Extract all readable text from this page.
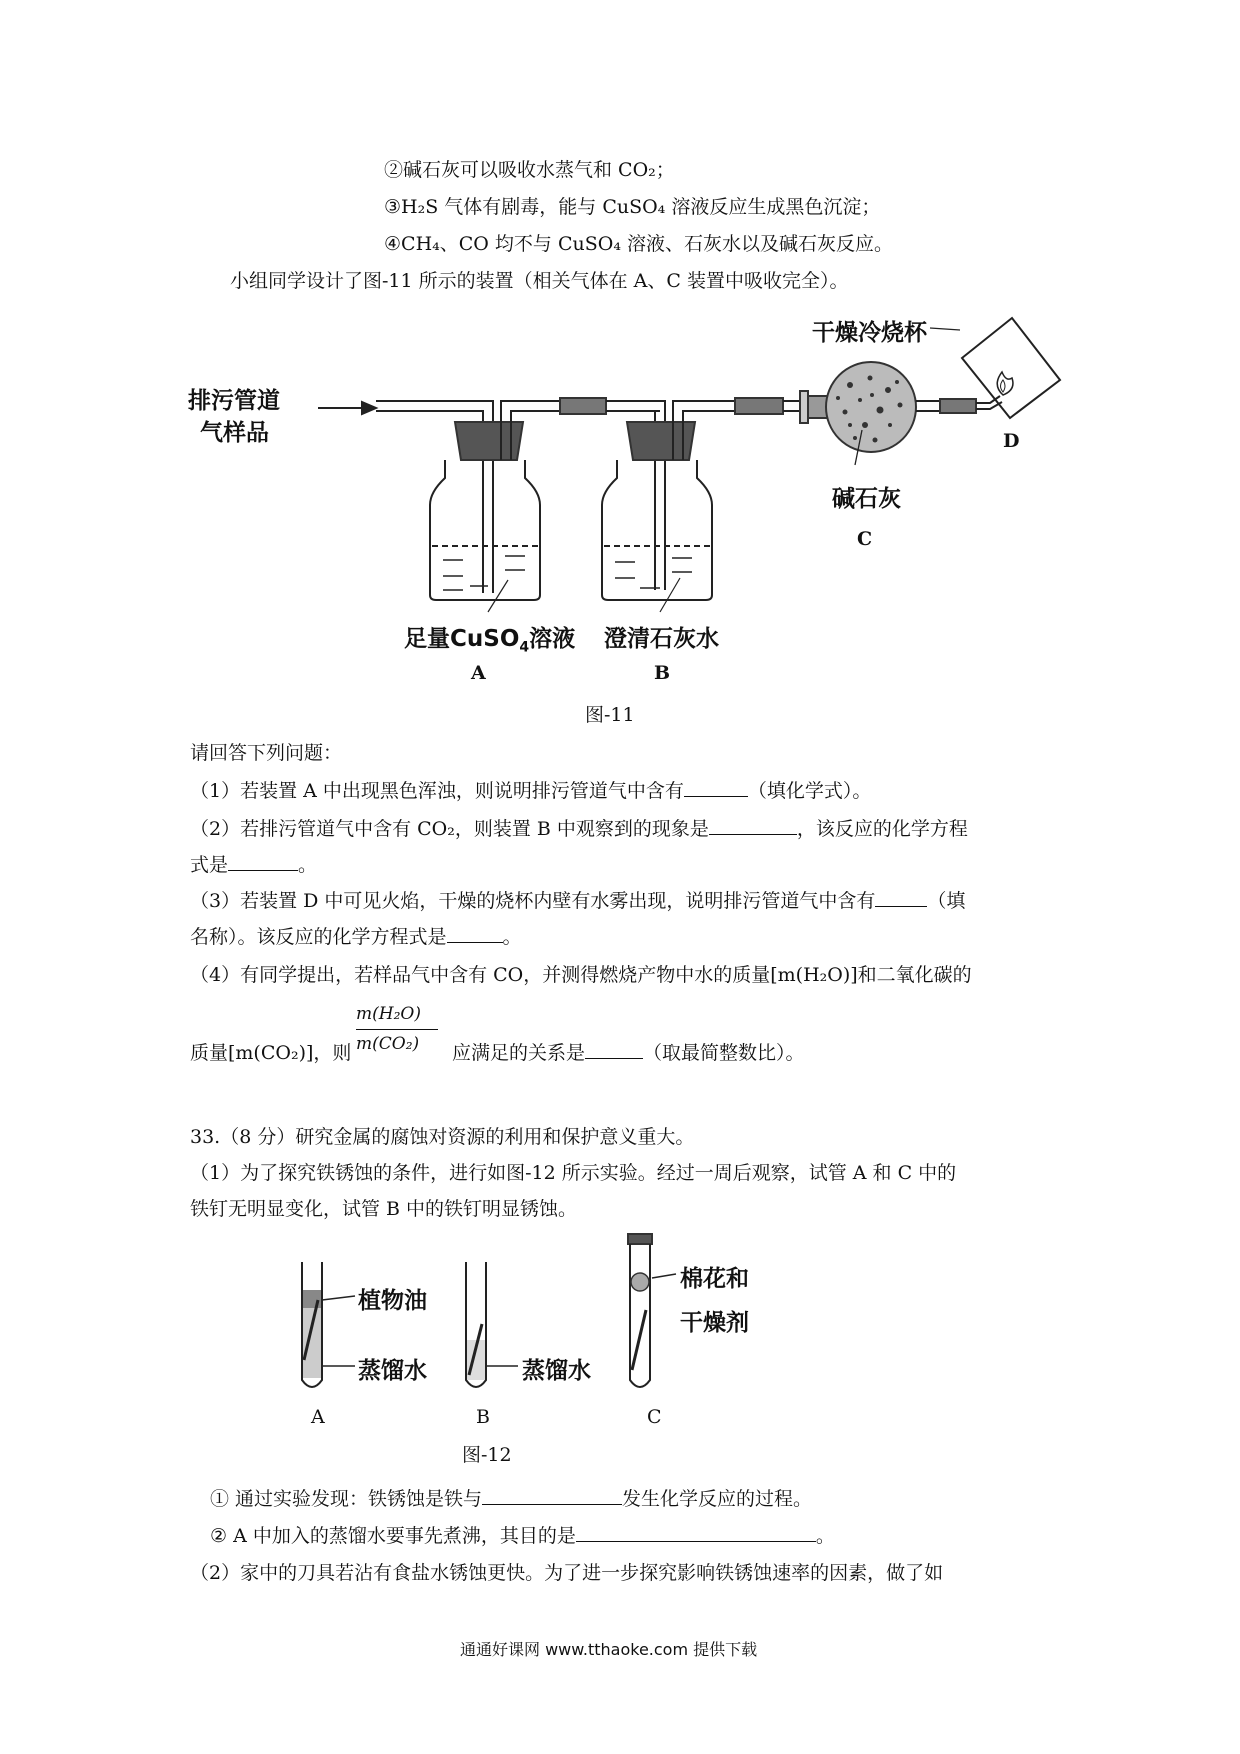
②碱石灰可以吸收水蒸气和 CO₂；
③H₂S 气体有剧毒，能与 CuSO₄ 溶液反应生成黑色沉淀；
④CH₄、CO 均不与 CuSO₄ 溶液、石灰水以及碱石灰反应。
小组同学设计了图-11 所示的装置（相关气体在 A、C 装置中吸收完全）。
排污管道
气样品
干燥冷烧杯
碱石灰
C
D
足量CuSO$_4$溶液 澄清石灰水
A	B
图-11
请回答下列问题：
（1）若装置 A 中出现黑色浑浊，则说明排污管道气中含有	（填化学式）。
（2）若排污管道气中含有 CO₂，则装置 B 中观察到的现象是	，该反应的化学方程
式是	。
（3）若装置 D 中可见火焰，干燥的烧杯内壁有水雾出现，说明排污管道气中含有	（填
名称）。该反应的化学方程式是	。
（4）有同学提出，若样品气中含有 CO，并测得燃烧产物中水的质量[m(H₂O)]和二氧化碳的
质量[m(CO₂)]，则
m(H₂O)
m(CO₂) 应满足的关系是	（取最简整数比）。
33.（8 分）研究金属的腐蚀对资源的利用和保护意义重大。
（1）为了探究铁锈蚀的条件，进行如图-12 所示实验。经过一周后观察，试管 A 和 C 中的
铁钉无明显变化，试管 B 中的铁钉明显锈蚀。
植物油
蒸馏水	蒸馏水
棉花和
干燥剂
A	B	C
图-12
① 通过实验发现：铁锈蚀是铁与	发生化学反应的过程。
② A 中加入的蒸馏水要事先煮沸，其目的是	。
（2）家中的刀具若沾有食盐水锈蚀更快。为了进一步探究影响铁锈蚀速率的因素，做了如
通通好课网 www.tthaoke.com 提供下载
